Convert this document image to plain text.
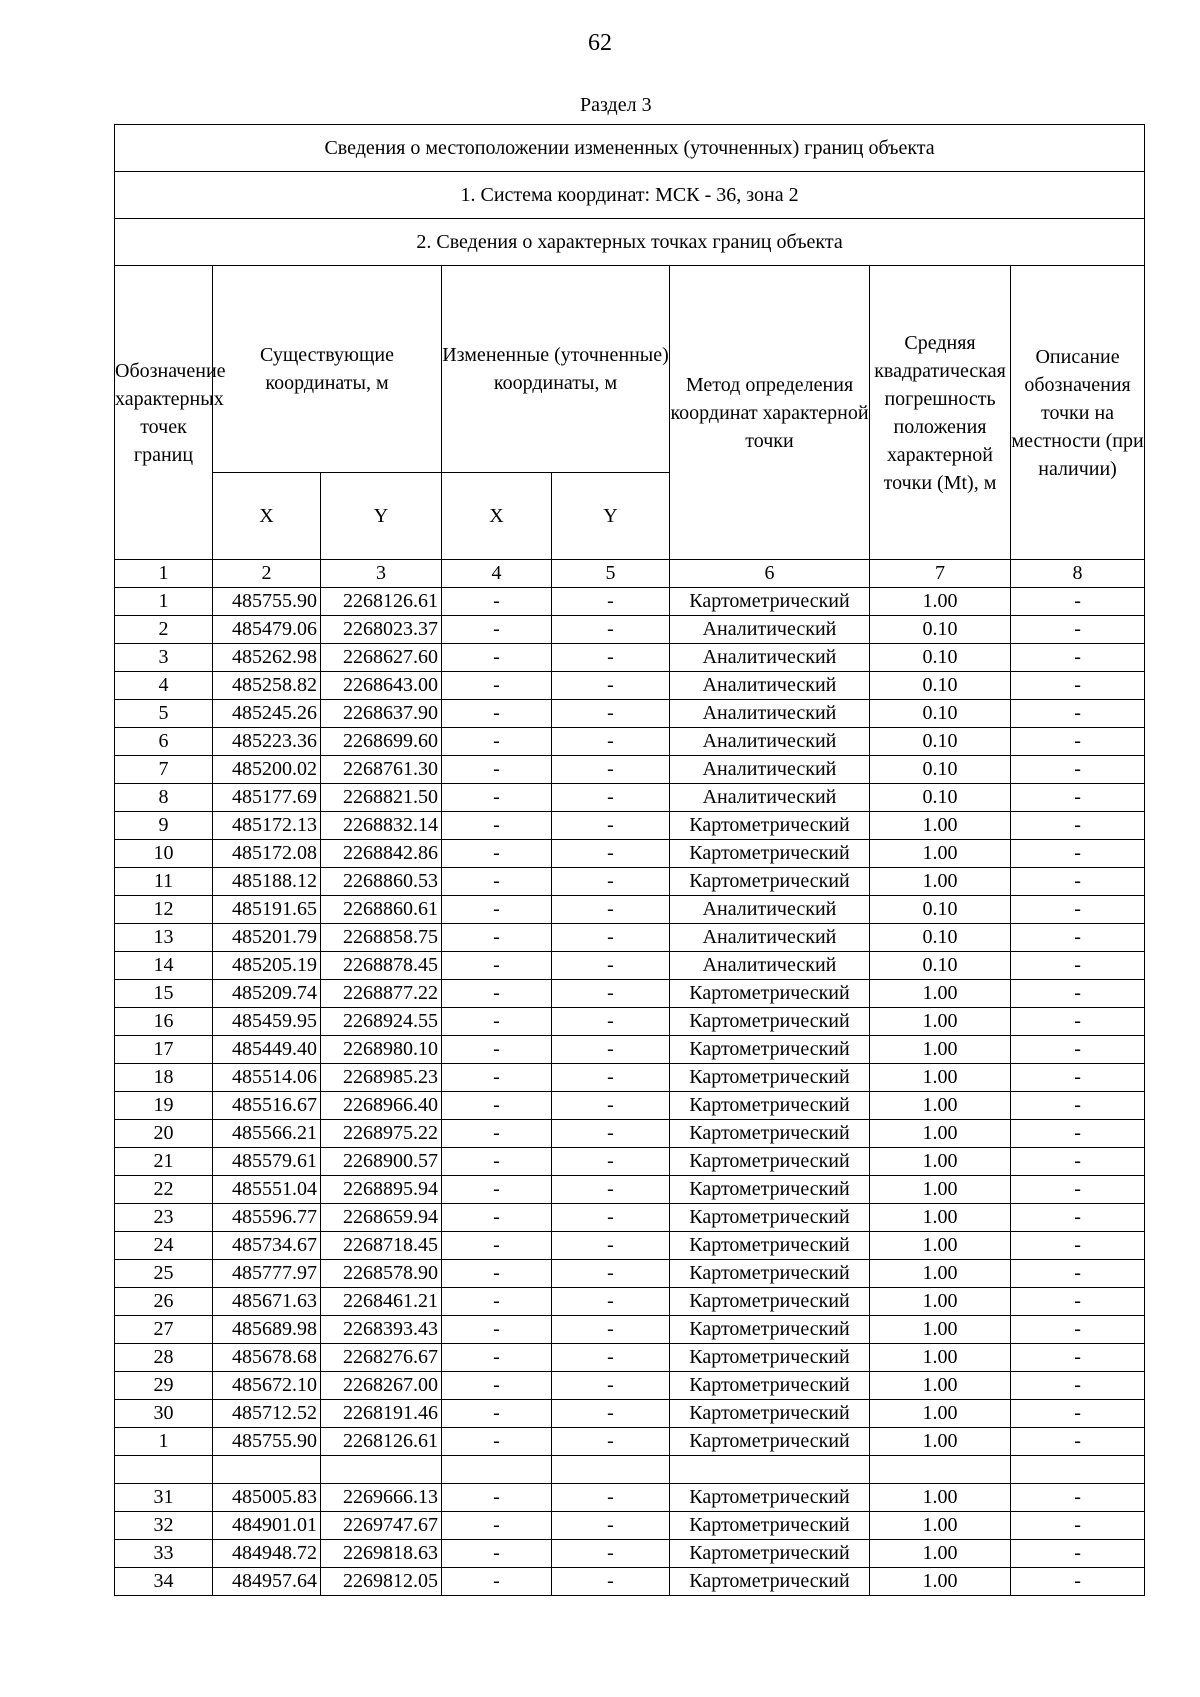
62
Раздел 3
Сведения о местоположении измененных (уточненных) границ объекта							
1. Система координат: МСК - 36, зона 2							
2. Сведения о характерных точках границ объекта							
Обозначение характерных точек границ	Существующие координаты, м		Измененные (уточненные) координаты, м		Метод определения координат характерной точки	Средняя квадратическая погрешность положения характерной точки (Mt), м	Описание обозначения точки на местности (при наличии)
	X	Y	X	Y			
1	2	3	4	5	6	7	8
1	485755.90	2268126.61	-	-	Картометрический	1.00	-
2	485479.06	2268023.37	-	-	Аналитический	0.10	-
3	485262.98	2268627.60	-	-	Аналитический	0.10	-
4	485258.82	2268643.00	-	-	Аналитический	0.10	-
5	485245.26	2268637.90	-	-	Аналитический	0.10	-
6	485223.36	2268699.60	-	-	Аналитический	0.10	-
7	485200.02	2268761.30	-	-	Аналитический	0.10	-
8	485177.69	2268821.50	-	-	Аналитический	0.10	-
9	485172.13	2268832.14	-	-	Картометрический	1.00	-
10	485172.08	2268842.86	-	-	Картометрический	1.00	-
11	485188.12	2268860.53	-	-	Картометрический	1.00	-
12	485191.65	2268860.61	-	-	Аналитический	0.10	-
13	485201.79	2268858.75	-	-	Аналитический	0.10	-
14	485205.19	2268878.45	-	-	Аналитический	0.10	-
15	485209.74	2268877.22	-	-	Картометрический	1.00	-
16	485459.95	2268924.55	-	-	Картометрический	1.00	-
17	485449.40	2268980.10	-	-	Картометрический	1.00	-
18	485514.06	2268985.23	-	-	Картометрический	1.00	-
19	485516.67	2268966.40	-	-	Картометрический	1.00	-
20	485566.21	2268975.22	-	-	Картометрический	1.00	-
21	485579.61	2268900.57	-	-	Картометрический	1.00	-
22	485551.04	2268895.94	-	-	Картометрический	1.00	-
23	485596.77	2268659.94	-	-	Картометрический	1.00	-
24	485734.67	2268718.45	-	-	Картометрический	1.00	-
25	485777.97	2268578.90	-	-	Картометрический	1.00	-
26	485671.63	2268461.21	-	-	Картометрический	1.00	-
27	485689.98	2268393.43	-	-	Картометрический	1.00	-
28	485678.68	2268276.67	-	-	Картометрический	1.00	-
29	485672.10	2268267.00	-	-	Картометрический	1.00	-
30	485712.52	2268191.46	-	-	Картометрический	1.00	-
1	485755.90	2268126.61	-	-	Картометрический	1.00	-

31	485005.83	2269666.13	-	-	Картометрический	1.00	-
32	484901.01	2269747.67	-	-	Картометрический	1.00	-
33	484948.72	2269818.63	-	-	Картометрический	1.00	-
34	484957.64	2269812.05	-	-	Картометрический	1.00	-
